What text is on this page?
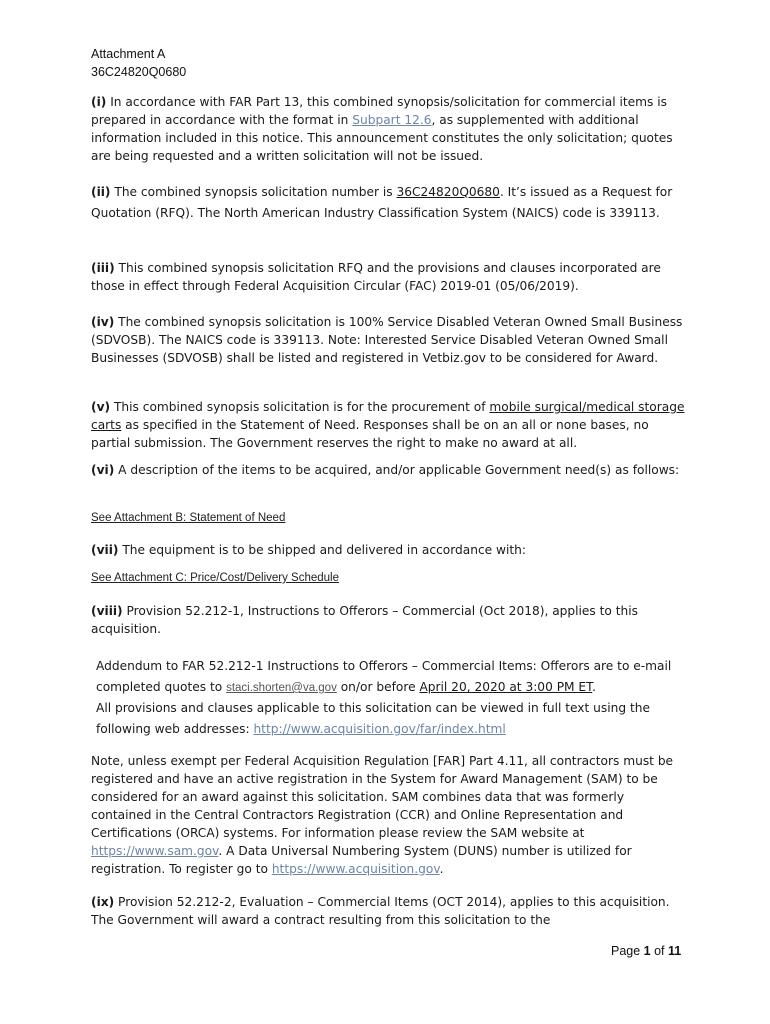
Attachment A
36C24820Q0680

(i) In accordance with FAR Part 13, this combined synopsis/solicitation for commercial items is prepared in accordance with the format in Subpart 12.6, as supplemented with additional information included in this notice. This announcement constitutes the only solicitation; quotes are being requested and a written solicitation will not be issued.

(ii) The combined synopsis solicitation number is 36C24820Q0680. It’s issued as a Request for Quotation (RFQ). The North American Industry Classification System (NAICS) code is 339113.

(iii) This combined synopsis solicitation RFQ and the provisions and clauses incorporated are those in effect through Federal Acquisition Circular (FAC) 2019-01 (05/06/2019).

(iv) The combined synopsis solicitation is 100% Service Disabled Veteran Owned Small Business (SDVOSB). The NAICS code is 339113. Note: Interested Service Disabled Veteran Owned Small Businesses (SDVOSB) shall be listed and registered in Vetbiz.gov to be considered for Award.

(v) This combined synopsis solicitation is for the procurement of mobile surgical/medical storage carts as specified in the Statement of Need. Responses shall be on an all or none bases, no partial submission. The Government reserves the right to make no award at all.

(vi) A description of the items to be acquired, and/or applicable Government need(s) as follows:

See Attachment B: Statement of Need

(vii) The equipment is to be shipped and delivered in accordance with:

See Attachment C: Price/Cost/Delivery Schedule

(viii) Provision 52.212-1, Instructions to Offerors – Commercial (Oct 2018), applies to this acquisition.

Addendum to FAR 52.212-1 Instructions to Offerors – Commercial Items: Offerors are to e-mail completed quotes to staci.shorten@va.gov on/or before April 20, 2020 at 3:00 PM ET.

All provisions and clauses applicable to this solicitation can be viewed in full text using the following web addresses: http://www.acquisition.gov/far/index.html

Note, unless exempt per Federal Acquisition Regulation [FAR] Part 4.11, all contractors must be registered and have an active registration in the System for Award Management (SAM) to be considered for an award against this solicitation. SAM combines data that was formerly contained in the Central Contractors Registration (CCR) and Online Representation and Certifications (ORCA) systems. For information please review the SAM website at https://www.sam.gov. A Data Universal Numbering System (DUNS) number is utilized for registration. To register go to https://www.acquisition.gov.

(ix) Provision 52.212-2, Evaluation – Commercial Items (OCT 2014), applies to this acquisition. The Government will award a contract resulting from this solicitation to the

Page 1 of 11
